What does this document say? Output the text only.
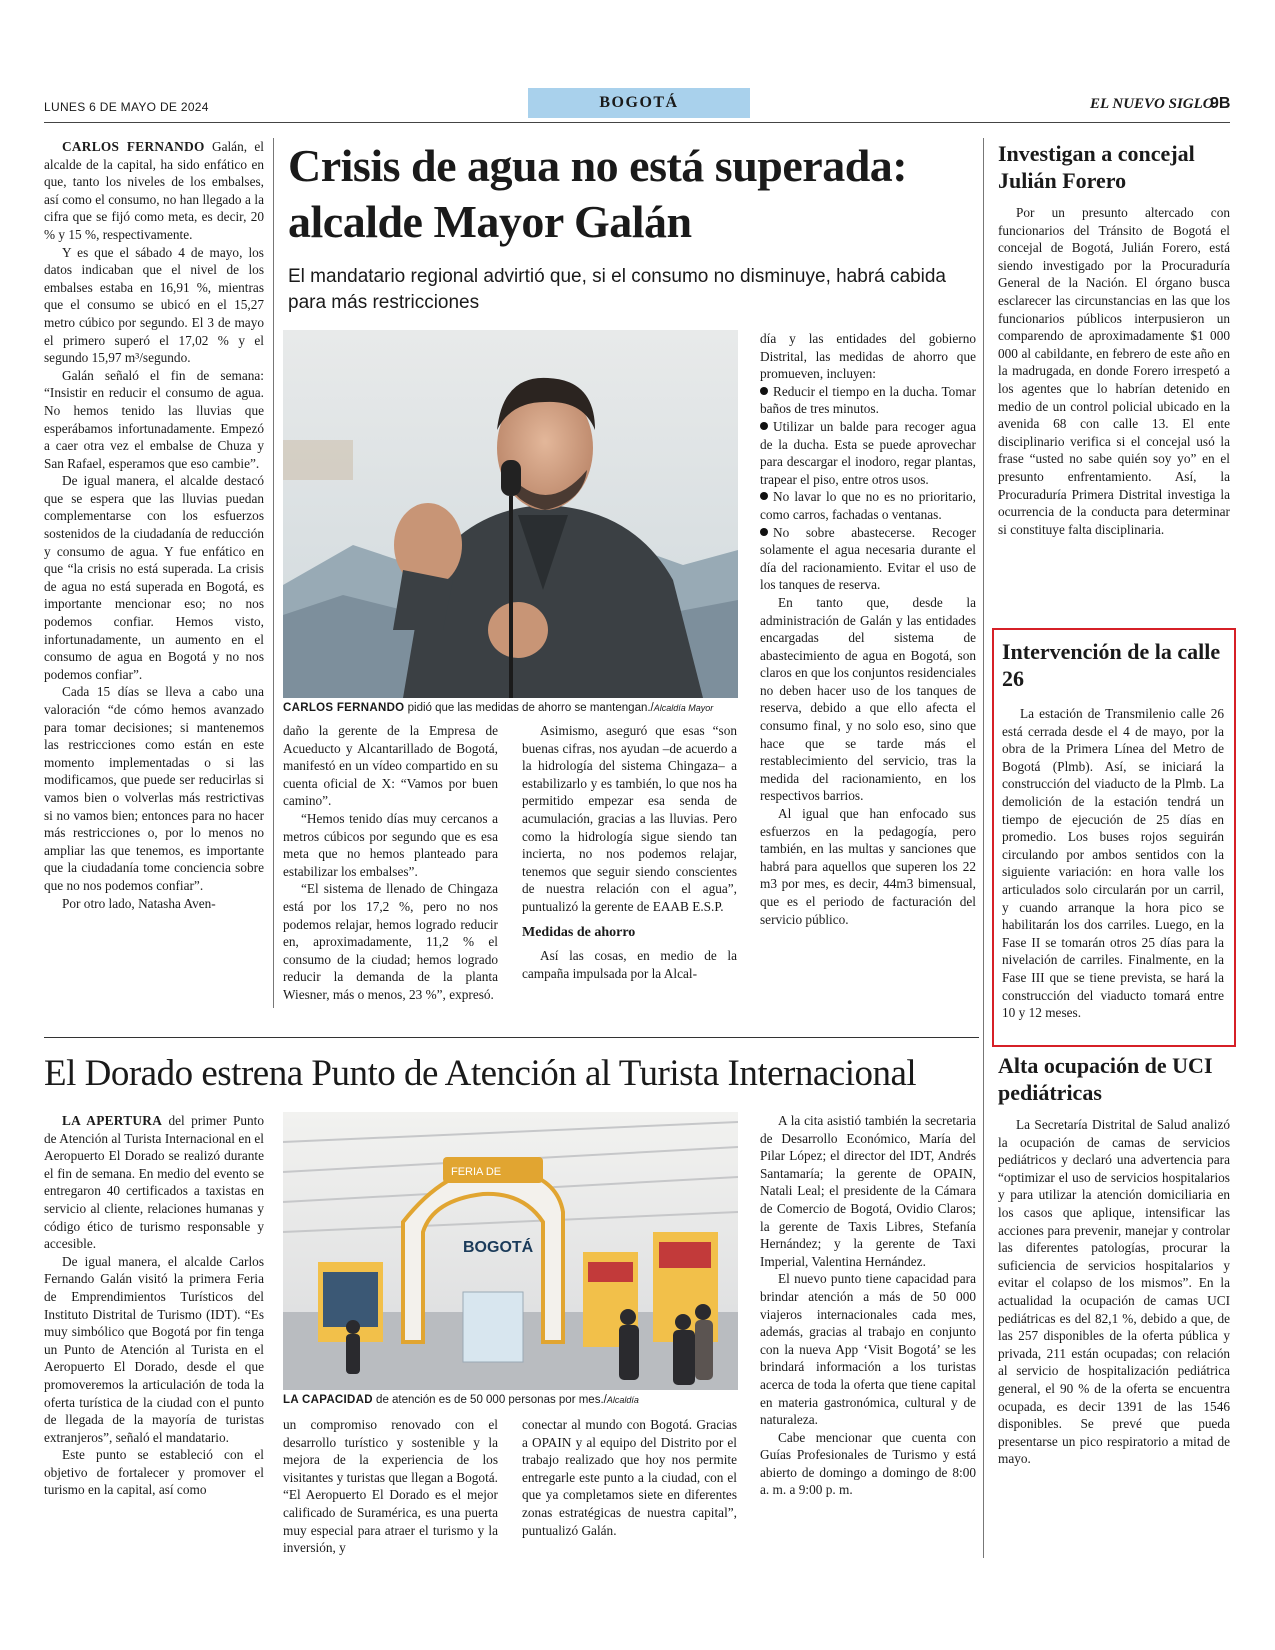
LUNES 6 DE MAYO DE 2024	BOGOTÁ	EL NUEVO SIGLO
9B
Crisis de agua no está superada: alcalde Mayor Galán
El mandatario regional advirtió que, si el consumo no disminuye, habrá cabida para más restricciones

CARLOS FERNANDO Galán, el alcalde de la capital, ha sido enfático en que, tanto los niveles de los embalses, así como el consumo, no han llegado a la cifra que se fijó como meta, es decir, 20 % y 15 %, respectivamente.

Y es que el sábado 4 de mayo, los datos indicaban que el nivel de los embalses estaba en 16,91 %, mientras que el consumo se ubicó en el 15,27 metro cúbico por segundo. El 3 de mayo el primero superó el 17,02 % y el segundo 15,97 m³/segundo.

Galán señaló el fin de semana: “Insistir en reducir el consumo de agua. No hemos tenido las lluvias que esperábamos infortunadamente. Empezó a caer otra vez el embalse de Chuza y San Rafael, esperamos que eso cambie”.

De igual manera, el alcalde destacó que se espera que las lluvias puedan complementarse con los esfuerzos sostenidos de la ciudadanía de reducción y consumo de agua. Y fue enfático en que “la crisis no está superada. La crisis de agua no está superada en Bogotá, es importante mencionar eso; no nos podemos confiar. Hemos visto, infortunadamente, un aumento en el consumo de agua en Bogotá y no nos podemos confiar”.

Cada 15 días se lleva a cabo una valoración “de cómo hemos avanzado para tomar decisiones; si mantenemos las restricciones como están en este momento implementadas o si las modificamos, que puede ser reducirlas si vamos bien o volverlas más restrictivas si no vamos bien; entonces para no hacer más restricciones o, por lo menos no ampliar las que tenemos, es importante que la ciudadanía tome conciencia sobre que no nos podemos confiar”.

Por otro lado, Natasha Aven-

CARLOS FERNANDO pidió que las medidas de ahorro se mantengan./Alcaldía Mayor

daño la gerente de la Empresa de Acueducto y Alcantarillado de Bogotá, manifestó en un vídeo compartido en su cuenta oficial de X: “Vamos por buen camino”.

“Hemos tenido días muy cercanos a metros cúbicos por segundo que es esa meta que no hemos planteado para estabilizar los embalses”.

“El sistema de llenado de Chingaza está por los 17,2 %, pero no nos podemos relajar, hemos logrado reducir en, aproximadamente, 11,2 % el consumo de la ciudad; hemos logrado reducir la demanda de la planta Wiesner, más o menos, 23 %”, expresó.

Asimismo, aseguró que esas “son buenas cifras, nos ayudan –de acuerdo a la hidrología del sistema Chingaza– a estabilizarlo y es también, lo que nos ha permitido empezar esa senda de acumulación, gracias a las lluvias. Pero como la hidrología sigue siendo tan incierta, no nos podemos relajar, tenemos que seguir siendo conscientes de nuestra relación con el agua”, puntualizó la gerente de EAAB E.S.P.

Medidas de ahorro

Así las cosas, en medio de la campaña impulsada por la Alcal-

día y las entidades del gobierno Distrital, las medidas de ahorro que promueven, incluyen:

Reducir el tiempo en la ducha. Tomar baños de tres minutos.
Utilizar un balde para recoger agua de la ducha. Esta se puede aprovechar para descargar el inodoro, regar plantas, trapear el piso, entre otros usos.
No lavar lo que no es no prioritario, como carros, fachadas o ventanas.
No sobre abastecerse. Recoger solamente el agua necesaria durante el día del racionamiento. Evitar el uso de los tanques de reserva.

En tanto que, desde la administración de Galán y las entidades encargadas del sistema de abastecimiento de agua en Bogotá, son claros en que los conjuntos residenciales no deben hacer uso de los tanques de reserva, debido a que ello afecta el consumo final, y no solo eso, sino que hace que se tarde más el restablecimiento del servicio, tras la medida del racionamiento, en los respectivos barrios.

Al igual que han enfocado sus esfuerzos en la pedagogía, pero también, en las multas y sanciones que habrá para aquellos que superen los 22 m3 por mes, es decir, 44m3 bimensual, que es el periodo de facturación del servicio público.

Investigan a concejal Julián Forero

Por un presunto altercado con funcionarios del Tránsito de Bogotá el concejal de Bogotá, Julián Forero, está siendo investigado por la Procuraduría General de la Nación. El órgano busca esclarecer las circunstancias en las que los funcionarios públicos interpusieron un comparendo de aproximadamente $1 000 000 al cabildante, en febrero de este año en la madrugada, en donde Forero irrespetó a los agentes que lo habrían detenido en medio de un control policial ubicado en la avenida 68 con calle 13. El ente disciplinario verifica si el concejal usó la frase “usted no sabe quién soy yo” en el presunto enfrentamiento. Así, la Procuraduría Primera Distrital investiga la ocurrencia de la conducta para determinar si constituye falta disciplinaria.

Intervención de la calle 26

La estación de Transmilenio calle 26 está cerrada desde el 4 de mayo, por la obra de la Primera Línea del Metro de Bogotá (Plmb). Así, se iniciará la construcción del viaducto de la Plmb. La demolición de la estación tendrá un tiempo de ejecución de 25 días en promedio. Los buses rojos seguirán circulando por ambos sentidos con la siguiente variación: en hora valle los articulados solo circularán por un carril, y cuando arranque la hora pico se habilitarán los dos carriles. Luego, en la Fase II se tomarán otros 25 días para la nivelación de carriles. Finalmente, en la Fase III que se tiene prevista, se hará la construcción del viaducto tomará entre 10 y 12 meses.

Alta ocupación de UCI pediátricas

La Secretaría Distrital de Salud analizó la ocupación de camas de servicios pediátricos y declaró una advertencia para “optimizar el uso de servicios hospitalarios y para utilizar la atención domiciliaria en los casos que aplique, intensificar las acciones para prevenir, manejar y controlar las diferentes patologías, procurar la suficiencia de servicios hospitalarios y evitar el colapso de los mismos”. En la actualidad la ocupación de camas UCI pediátricas es del 82,1 %, debido a que, de las 257 disponibles de la oferta pública y privada, 211 están ocupadas; con relación al servicio de hospitalización pediátrica general, el 90 % de la oferta se encuentra ocupada, es decir 1391 de las 1546 disponibles. Se prevé que pueda presentarse un pico respiratorio a mitad de mayo.

El Dorado estrena Punto de Atención al Turista Internacional

LA APERTURA del primer Punto de Atención al Turista Internacional en el Aeropuerto El Dorado se realizó durante el fin de semana. En medio del evento se entregaron 40 certificados a taxistas en servicio al cliente, relaciones humanas y código ético de turismo responsable y accesible.

De igual manera, el alcalde Carlos Fernando Galán visitó la primera Feria de Emprendimientos Turísticos del Instituto Distrital de Turismo (IDT). “Es muy simbólico que Bogotá por fin tenga un Punto de Atención al Turista en el Aeropuerto El Dorado, desde el que promoveremos la articulación de toda la oferta turística de la ciudad con el punto de llegada de la mayoría de turistas extranjeros”, señaló el mandatario.

Este punto se estableció con el objetivo de fortalecer y promover el turismo en la capital, así como

FERIA DE
BOGOTÁ
LA CAPACIDAD de atención es de 50 000 personas por mes./Alcaldía

un compromiso renovado con el desarrollo turístico y sostenible y la mejora de la experiencia de los visitantes y turistas que llegan a Bogotá. “El Aeropuerto El Dorado es el mejor calificado de Suramérica, es una puerta muy especial para atraer el turismo y la inversión, y

conectar al mundo con Bogotá. Gracias a OPAIN y al equipo del Distrito por el trabajo realizado que hoy nos permite entregarle este punto a la ciudad, con el que ya completamos siete en diferentes zonas estratégicas de nuestra capital”, puntualizó Galán.

A la cita asistió también la secretaria de Desarrollo Económico, María del Pilar López; el director del IDT, Andrés Santamaría; la gerente de OPAIN, Natali Leal; el presidente de la Cámara de Comercio de Bogotá, Ovidio Claros; la gerente de Taxis Libres, Stefanía Hernández; y la gerente de Taxi Imperial, Valentina Hernández.

El nuevo punto tiene capacidad para brindar atención a más de 50 000 viajeros internacionales cada mes, además, gracias al trabajo en conjunto con la nueva App ‘Visit Bogotá’ se les brindará información a los turistas acerca de toda la oferta que tiene capital en materia gastronómica, cultural y de naturaleza.

Cabe mencionar que cuenta con Guías Profesionales de Turismo y está abierto de domingo a domingo de 8:00 a. m. a 9:00 p. m.
